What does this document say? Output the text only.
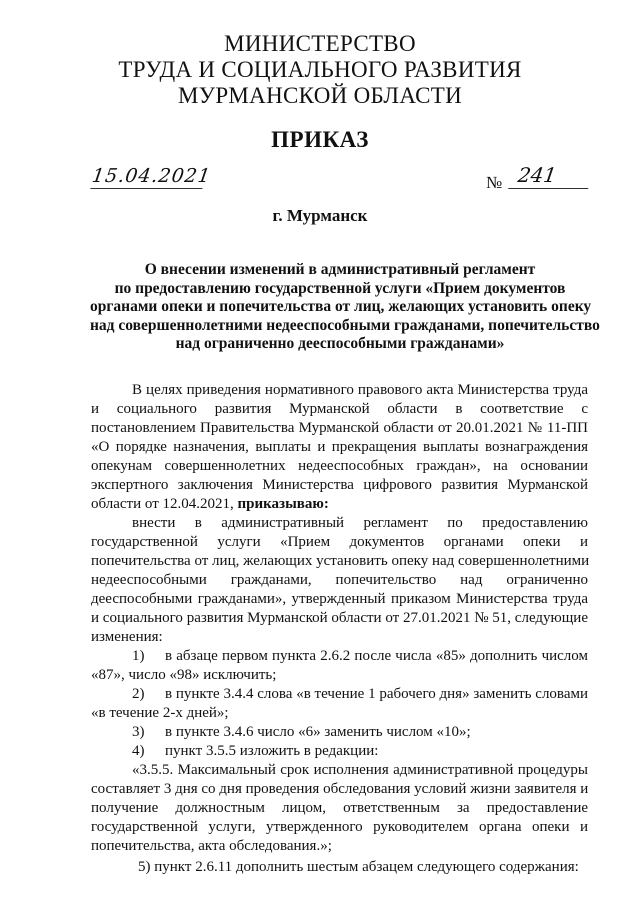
МИНИСТЕРСТВО
ТРУДА И СОЦИАЛЬНОГО РАЗВИТИЯ
МУРМАНСКОЙ ОБЛАСТИ
ПРИКАЗ
15.04.2021	№ 241
г. Мурманск
О внесении изменений в административный регламент
по предоставлению государственной услуги «Прием документов
органами опеки и попечительства от лиц, желающих установить опеку
над совершеннолетними недееспособными гражданами, попечительство
над ограниченно дееспособными гражданами»
В целях приведения нормативного правового акта Министерства труда
и социального развития Мурманской области в соответствие с
постановлением Правительства Мурманской области от 20.01.2021 № 11-ПП
«О порядке назначения, выплаты и прекращения выплаты вознаграждения
опекунам совершеннолетних недееспособных граждан», на основании
экспертного заключения Министерства цифрового развития Мурманской
области от 12.04.2021, приказываю:
внести в административный регламент по предоставлению
государственной услуги «Прием документов органами опеки и
попечительства от лиц, желающих установить опеку над совершеннолетними
недееспособными гражданами, попечительство над ограниченно
дееспособными гражданами», утвержденный приказом Министерства труда
и социального развития Мурманской области от 27.01.2021 № 51, следующие
изменения:
1) в абзаце первом пункта 2.6.2 после числа «85» дополнить числом
«87», число «98» исключить;
2) в пункте 3.4.4 слова «в течение 1 рабочего дня» заменить словами
«в течение 2-х дней»;
3) в пункте 3.4.6 число «6» заменить числом «10»;
4) пункт 3.5.5 изложить в редакции:
«3.5.5. Максимальный срок исполнения административной процедуры
составляет 3 дня со дня проведения обследования условий жизни заявителя и
получение должностным лицом, ответственным за предоставление
государственной услуги, утвержденного руководителем органа опеки и
попечительства, акта обследования.»;
5) пункт 2.6.11 дополнить шестым абзацем следующего содержания:
